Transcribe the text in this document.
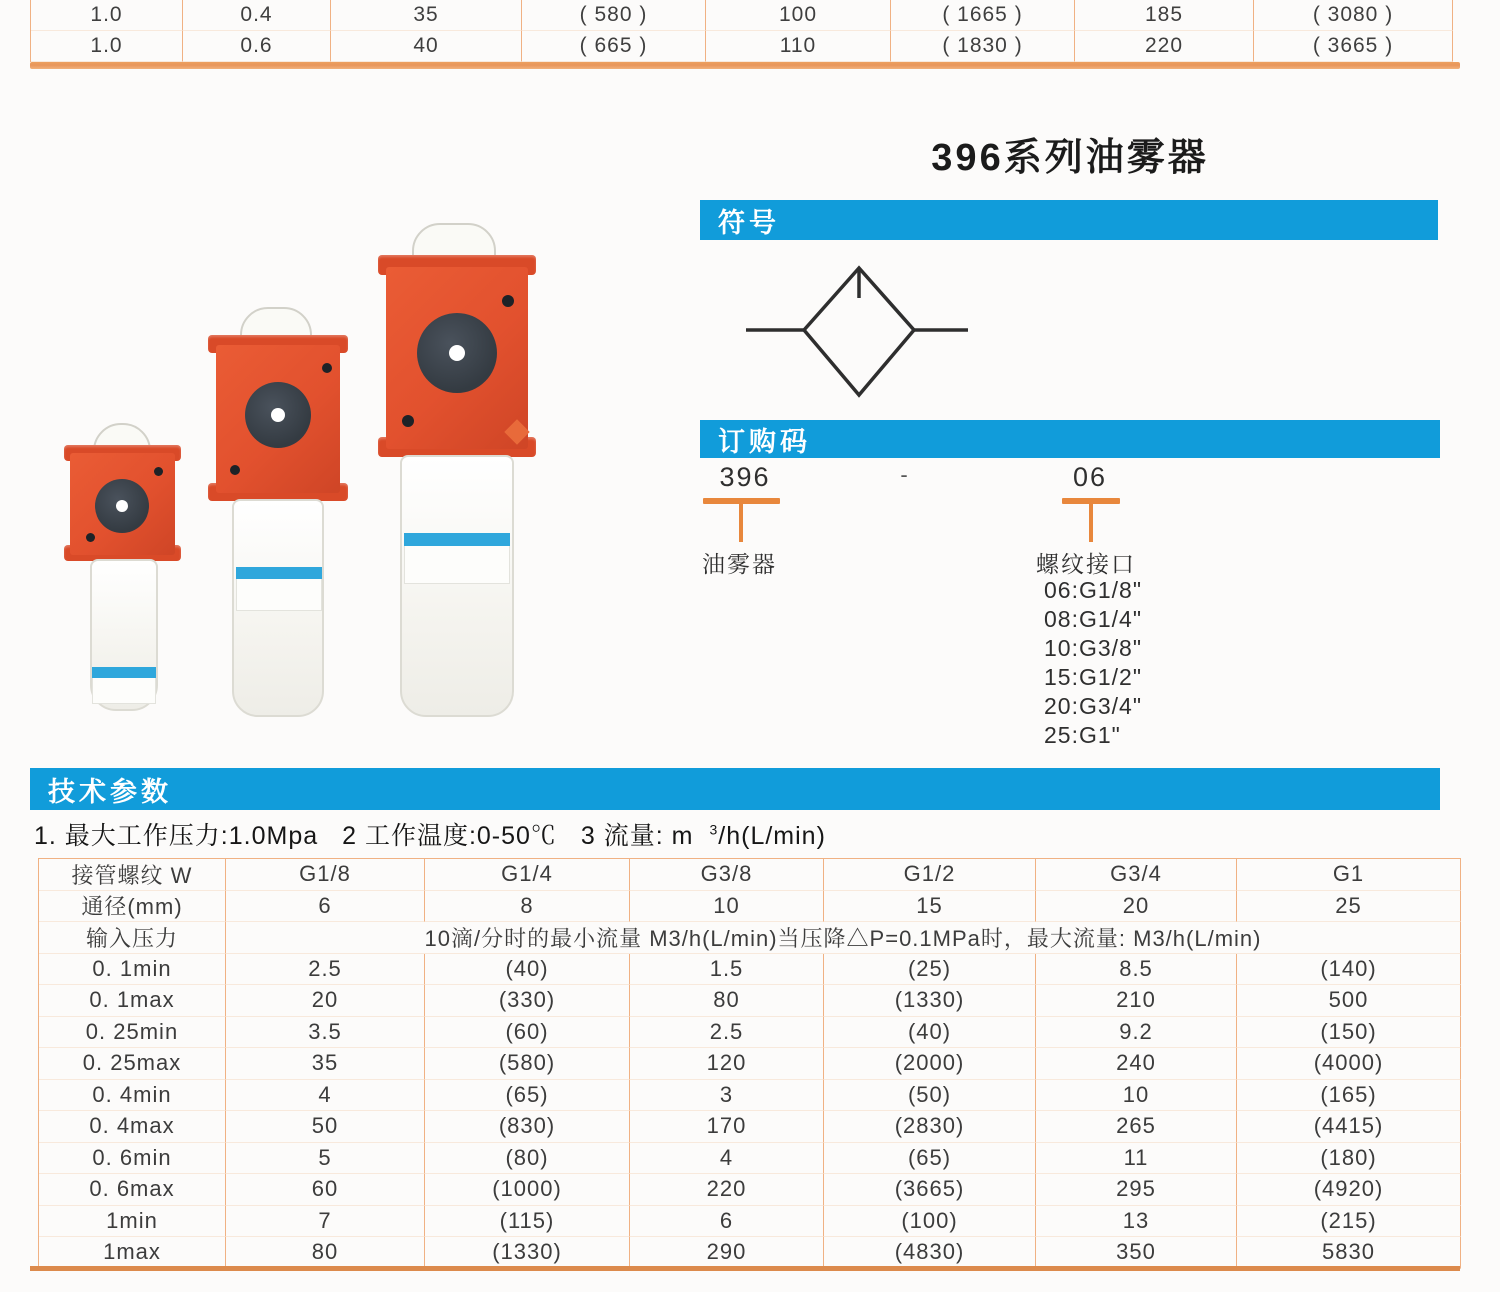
1.0	0.4	35	( 580 )	100	( 1665 )	185	( 3080 )
1.0	0.6	40	( 665 )	110	( 1830 )	220	( 3665 )
396系列油雾器
符号
订购码
396	-	06
油雾器	螺纹接口
06:G1/8"
08:G1/4"
10:G3/8"
15:G1/2"
20:G3/4"
25:G1"
技术参数
1. 最大工作压力:1.0Mpa 2 工作温度:0-50℃ 3 流量: m $^3$/h(L/min)
接管螺纹 W	G1/8	G1/4	G3/8	G1/2	G3/4	G1
通径(mm)	6	8	10	15	20	25
输入压力	10滴/分时的最小流量 M3/h(L/min)当压降△P=0.1MPa时，最大流量: M3/h(L/min)
0. 1min	2.5	(40)	1.5	(25)	8.5	(140)
0. 1max	20	(330)	80	(1330)	210	500
0. 25min	3.5	(60)	2.5	(40)	9.2	(150)
0. 25max	35	(580)	120	(2000)	240	(4000)
0. 4min	4	(65)	3	(50)	10	(165)
0. 4max	50	(830)	170	(2830)	265	(4415)
0. 6min	5	(80)	4	(65)	11	(180)
0. 6max	60	(1000)	220	(3665)	295	(4920)
1min	7	(115)	6	(100)	13	(215)
1max	80	(1330)	290	(4830)	350	5830
